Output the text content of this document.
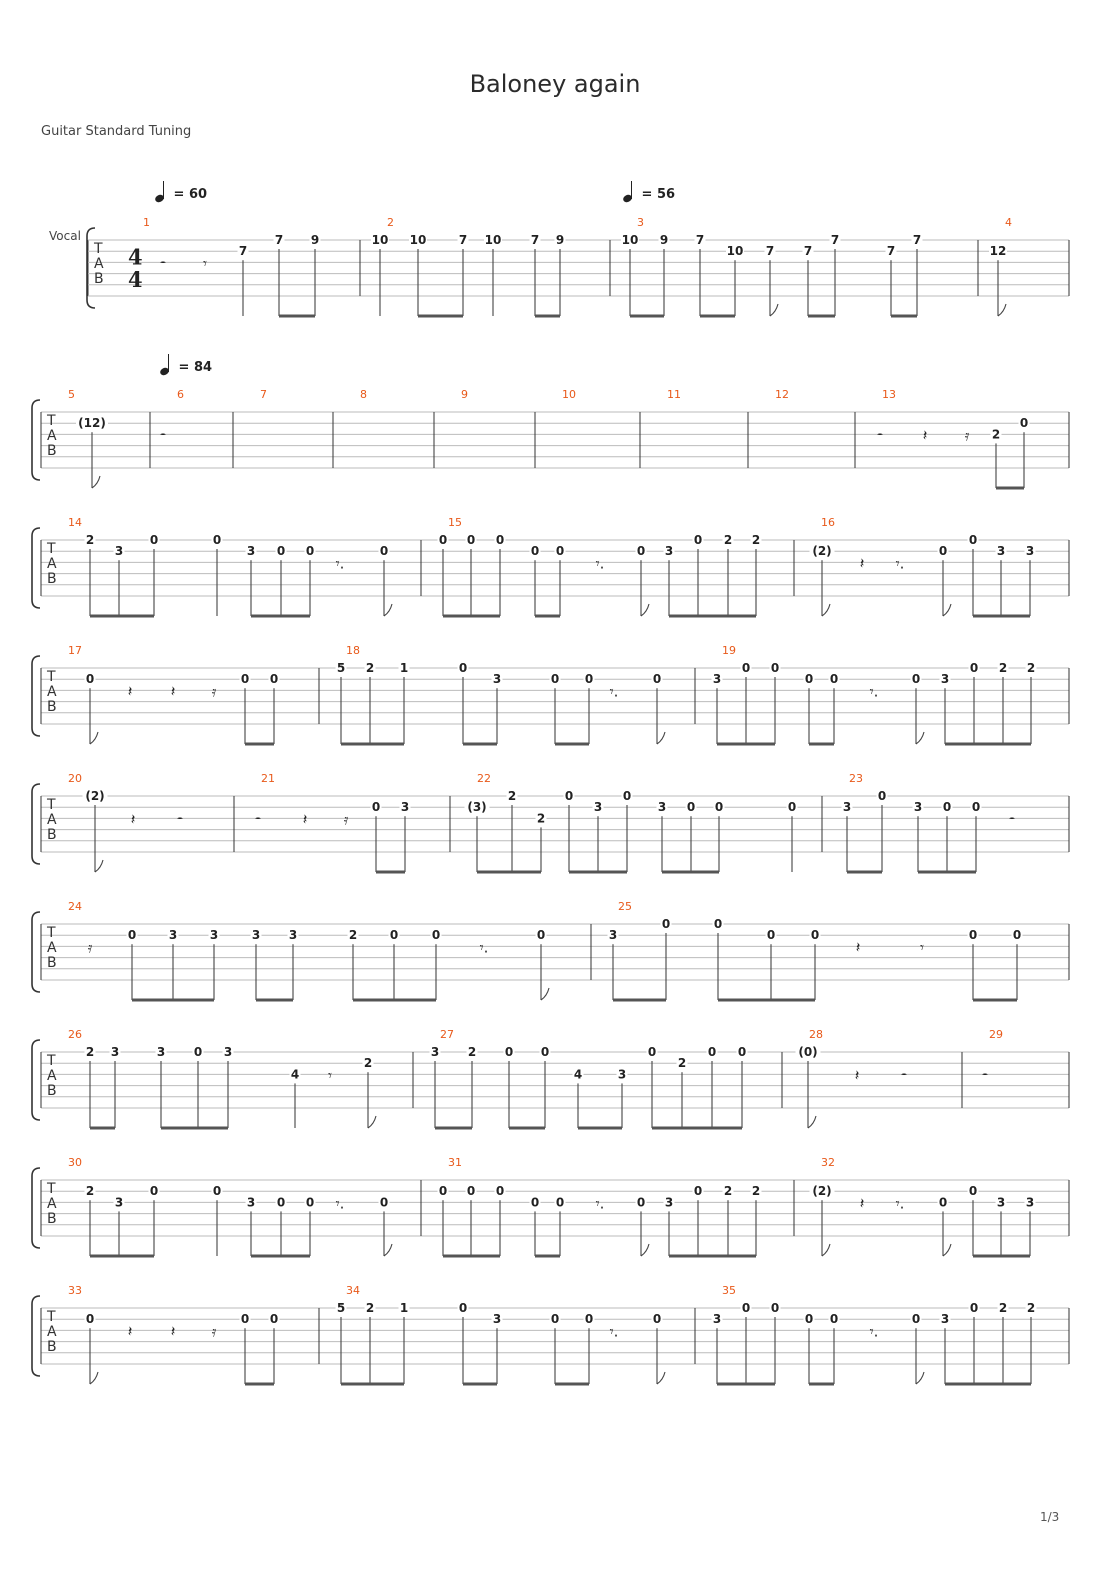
Baloney again
Guitar Standard Tuning
Vocal
= 60	= 56
= 84
T
A
B
4
4
1
7
7 9
2
10 10	7 10 7 9
3
10 9 7
10 7 7
7
7
7
4
12
𝄼 𝄾
T
A
B
5
(12)
6	7	8	9	10	11	12	13
2
0
𝄼	𝄼	𝄽 𝄿
T
A
B
14
2
3
0	0
3 0 0	0
15
0 0 0
0 0	0 3
0 2 2
16
(2)	0
0
3 3
𝄾.	𝄾.	𝄽 𝄾.
T
A
B
17
0	0 0
18
5 2 1	0
3	0 0	0
19
3
0 0
0 0	0 3
0 2 2
𝄽	𝄽 𝄿	𝄾.	𝄾.
T
A
B
20
(2)
21
0 3
22
(3)
2
2
0
3
0
3 0 0	0
23
3
0
3 0 0
𝄽	𝄼	𝄼	𝄽 𝄿	𝄼
T
A
B
24
0	3	3	3 3	2	0	0	0
25
3
0	0
0	0	0	0
𝄿	𝄾.	𝄽	𝄾
T
A
B
26
2 3	3 0 3
4
2
27
3 2 0 0
4	3
0
2
0 0
28
(0)
29
𝄾	𝄽	𝄼	𝄼
T
A
B
30
2
3
0	0
3 0 0	0
31
0 0 0
0 0	0 3
0 2 2
32
(2)
0
0
3 3
𝄾.	𝄾.	𝄽 𝄾.
T
A
B
33
0	0 0
34
5 2 1	0
3	0 0	0
35
3
0 0
0 0	0 3
0 2 2
𝄽	𝄽 𝄿	𝄾.	𝄾.
1/3
